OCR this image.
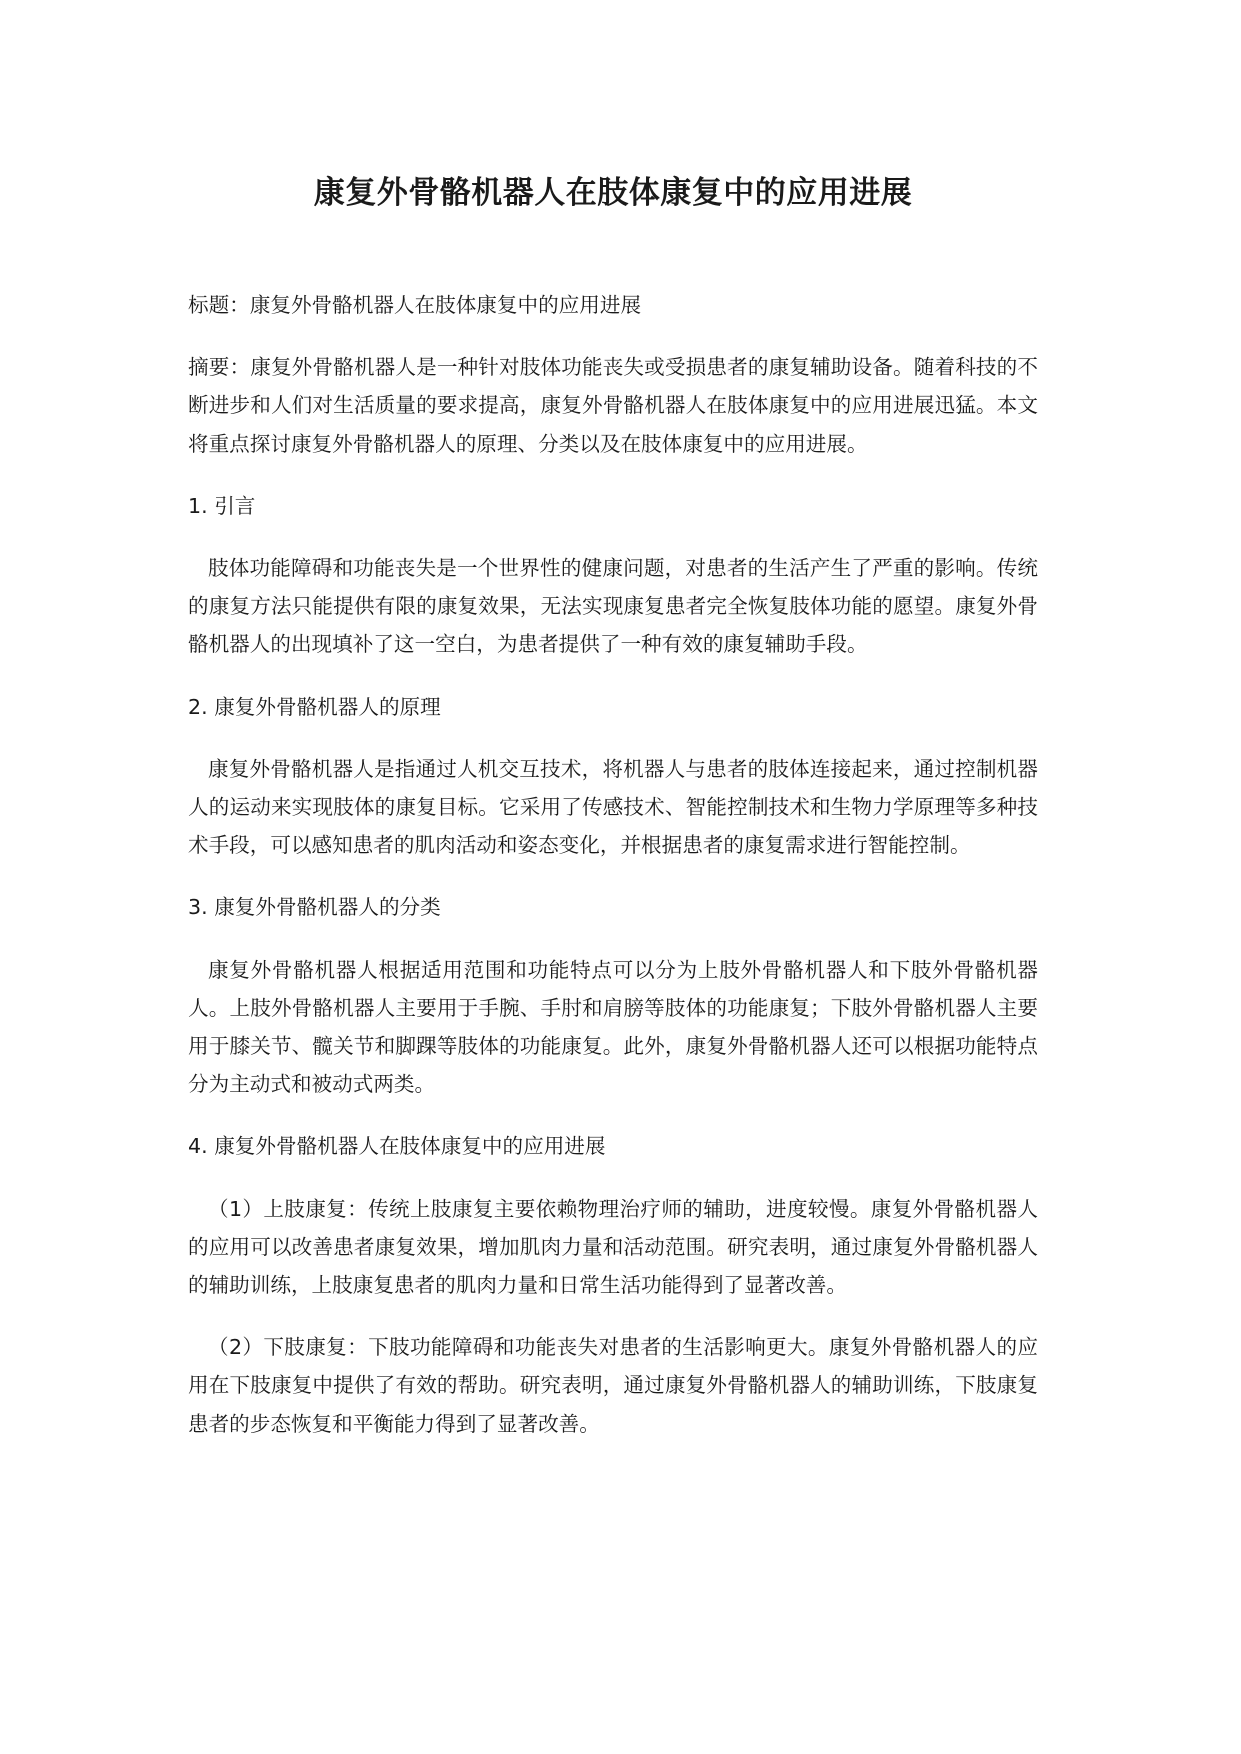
康复外骨骼机器人在肢体康复中的应用进展

标题：康复外骨骼机器人在肢体康复中的应用进展

摘要：康复外骨骼机器人是一种针对肢体功能丧失或受损患者的康复辅助设备。随着科技的不断进步和人们对生活质量的要求提高，康复外骨骼机器人在肢体康复中的应用进展迅猛。本文将重点探讨康复外骨骼机器人的原理、分类以及在肢体康复中的应用进展。

1. 引言

肢体功能障碍和功能丧失是一个世界性的健康问题，对患者的生活产生了严重的影响。传统的康复方法只能提供有限的康复效果，无法实现康复患者完全恢复肢体功能的愿望。康复外骨骼机器人的出现填补了这一空白，为患者提供了一种有效的康复辅助手段。

2. 康复外骨骼机器人的原理

康复外骨骼机器人是指通过人机交互技术，将机器人与患者的肢体连接起来，通过控制机器人的运动来实现肢体的康复目标。它采用了传感技术、智能控制技术和生物力学原理等多种技术手段，可以感知患者的肌肉活动和姿态变化，并根据患者的康复需求进行智能控制。

3. 康复外骨骼机器人的分类

康复外骨骼机器人根据适用范围和功能特点可以分为上肢外骨骼机器人和下肢外骨骼机器人。上肢外骨骼机器人主要用于手腕、手肘和肩膀等肢体的功能康复；下肢外骨骼机器人主要用于膝关节、髋关节和脚踝等肢体的功能康复。此外，康复外骨骼机器人还可以根据功能特点分为主动式和被动式两类。

4. 康复外骨骼机器人在肢体康复中的应用进展

（1）上肢康复：传统上肢康复主要依赖物理治疗师的辅助，进度较慢。康复外骨骼机器人的应用可以改善患者康复效果，增加肌肉力量和活动范围。研究表明，通过康复外骨骼机器人的辅助训练，上肢康复患者的肌肉力量和日常生活功能得到了显著改善。

（2）下肢康复：下肢功能障碍和功能丧失对患者的生活影响更大。康复外骨骼机器人的应用在下肢康复中提供了有效的帮助。研究表明，通过康复外骨骼机器人的辅助训练，下肢康复患者的步态恢复和平衡能力得到了显著改善。
